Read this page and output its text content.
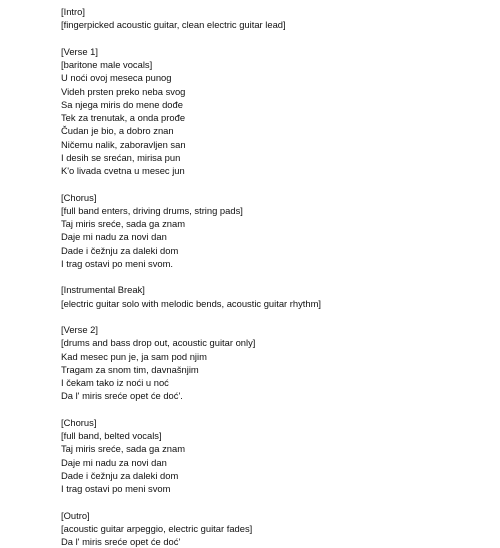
[Intro]
[fingerpicked acoustic guitar, clean electric guitar lead]
[Verse 1]
[baritone male vocals]
U noći ovoj meseca punog
Videh prsten preko neba svog
Sa njega miris do mene dođe
Tek za trenutak, a onda prođe
Čudan je bio, a dobro znan
Ničemu nalik, zaboravljen san
I desih se srećan, mirisa pun
K'o livada cvetna u mesec jun
[Chorus]
[full band enters, driving drums, string pads]
Taj miris sreće, sada ga znam
Daje mi nadu za novi dan
Dade i čežnju za daleki dom
I trag ostavi po meni svom.
[Instrumental Break]
[electric guitar solo with melodic bends, acoustic guitar rhythm]
[Verse 2]
[drums and bass drop out, acoustic guitar only]
Kad mesec pun je, ja sam pod njim
Tragam za snom tim, davnašnjim
I čekam tako iz noći u noć
Da l' miris sreće opet će doć'.
[Chorus]
[full band, belted vocals]
Taj miris sreće, sada ga znam
Daje mi nadu za novi dan
Dade i čežnju za daleki dom
I trag ostavi po meni svom
[Outro]
[acoustic guitar arpeggio, electric guitar fades]
Da l' miris sreće opet će doć'
